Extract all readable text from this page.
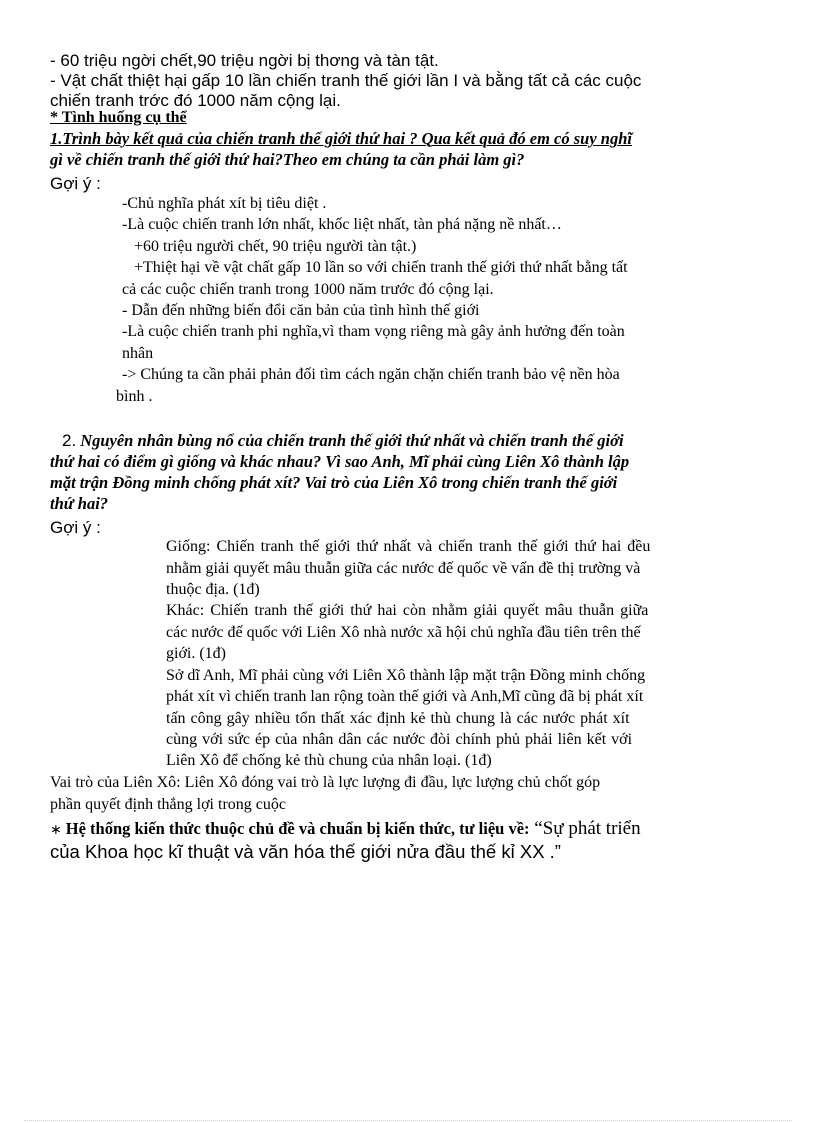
- 60 triệu ngời chết,90 triệu ngời bị thơng và tàn tật.
- Vật chất thiệt hại gấp 10 lần chiến tranh thế giới lần I và bằng tất cả các cuộc
chiến tranh trớc đó 1000 năm cộng lại.
* Tình huống cụ thể
1.Trình bày kết quả của chiến tranh thế giới thứ hai ? Qua kết quả đó em có suy nghĩ
gì về chiến tranh thế giới thứ hai?Theo em chúng ta cần phải làm gì?
Gợi ý :
-Chủ nghĩa phát xít bị tiêu diệt .
-Là cuộc chiến tranh lớn nhất, khốc liệt nhất, tàn phá nặng nề nhất…
+60 triệu người chết, 90 triệu người tàn tật.)
+Thiệt hại về vật chất gấp 10 lần so với chiến tranh thế giới thứ nhất bằng tất
cả các cuộc chiến tranh trong 1000 năm trước đó cộng lại.
- Dẫn đến những biến đổi căn bản của tình hình thế giới
-Là cuộc chiến tranh phi nghĩa,vì tham vọng riêng mà gây ảnh hưởng đến toàn
nhân
-> Chúng ta cần phải phản đối tìm cách ngăn chặn chiến tranh bảo vệ nền hòa
bình .
2. Nguyên nhân bùng nổ của chiến tranh thế giới thứ nhất và chiến tranh thế giới
thứ hai có điểm gì giống và khác nhau? Vì sao Anh, Mĩ phải cùng Liên Xô thành lập
mặt trận Đồng minh chống phát xít? Vai trò của Liên Xô trong chiến tranh thế giới
thứ hai?
Gợi ý :
Giống: Chiến tranh thế giới thứ nhất và chiến tranh thế giới thứ hai đều
nhằm giải quyết mâu thuẫn giữa các nước đế quốc về vấn đề thị trường và
thuộc địa. (1đ)
Khác: Chiến tranh thế giới thứ hai còn nhằm giải quyết mâu thuẫn giữa
các nước đế quốc với Liên Xô nhà nước xã hội chủ nghĩa đầu tiên trên thế
giới. (1đ)
Sở dĩ Anh, Mĩ phải cùng với Liên Xô thành lập mặt trận Đồng minh chống
phát xít vì chiến tranh lan rộng toàn thế giới và Anh,Mĩ cũng đã bị phát xít
tấn công gây nhiều tổn thất xác định kẻ thù chung là các nước phát xít
cùng với sức ép của nhân dân các nước đòi chính phủ phải liên kết với
Liên Xô để chống kẻ thù chung của nhân loại. (1đ)
Vai trò của Liên Xô: Liên Xô đóng vai trò là lực lượng đi đầu, lực lượng chủ chốt góp
phần quyết định thắng lợi trong cuộc
∗ Hệ thống kiến thức thuộc chủ đề và chuẩn bị kiến thức, tư liệu về: “Sự phát triển
của Khoa học kĩ thuật và văn hóa thế giới nửa đầu thế kỉ XX .”
